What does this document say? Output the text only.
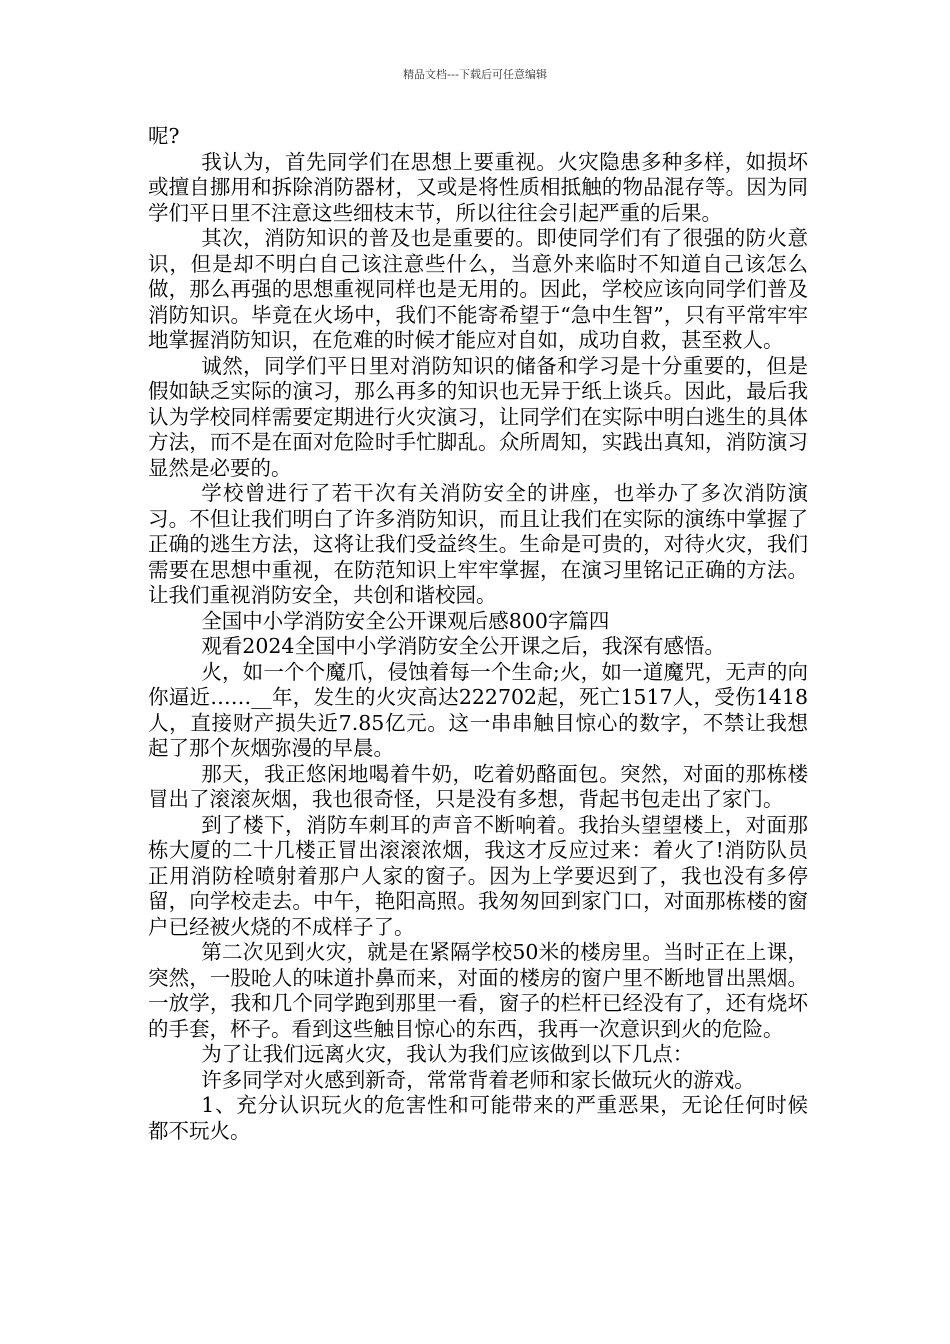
精品文档---下载后可任意编辑

呢?

我认为，首先同学们在思想上要重视。火灾隐患多种多样，如损坏或擅自挪用和拆除消防器材，又或是将性质相抵触的物品混存等。因为同学们平日里不注意这些细枝末节，所以往往会引起严重的后果。

其次，消防知识的普及也是重要的。即使同学们有了很强的防火意识，但是却不明白自己该注意些什么，当意外来临时不知道自己该怎么做，那么再强的思想重视同样也是无用的。因此，学校应该向同学们普及消防知识。毕竟在火场中，我们不能寄希望于“急中生智”，只有平常牢牢地掌握消防知识，在危难的时候才能应对自如，成功自救，甚至救人。

诚然，同学们平日里对消防知识的储备和学习是十分重要的，但是假如缺乏实际的演习，那么再多的知识也无异于纸上谈兵。因此，最后我认为学校同样需要定期进行火灾演习，让同学们在实际中明白逃生的具体方法，而不是在面对危险时手忙脚乱。众所周知，实践出真知，消防演习显然是必要的。

学校曾进行了若干次有关消防安全的讲座，也举办了多次消防演习。不但让我们明白了许多消防知识，而且让我们在实际的演练中掌握了正确的逃生方法，这将让我们受益终生。生命是可贵的，对待火灾，我们需要在思想中重视，在防范知识上牢牢掌握，在演习里铭记正确的方法。让我们重视消防安全，共创和谐校园。

全国中小学消防安全公开课观后感800字篇四

观看2024全国中小学消防安全公开课之后，我深有感悟。

火，如一个个魔爪，侵蚀着每一个生命;火，如一道魔咒，无声的向你逼近……__年，发生的火灾高达222702起，死亡1517人，受伤1418人，直接财产损失近7.85亿元。这一串串触目惊心的数字，不禁让我想起了那个灰烟弥漫的早晨。

那天，我正悠闲地喝着牛奶，吃着奶酪面包。突然，对面的那栋楼冒出了滚滚灰烟，我也很奇怪，只是没有多想，背起书包走出了家门。

到了楼下，消防车刺耳的声音不断响着。我抬头望望楼上，对面那栋大厦的二十几楼正冒出滚滚浓烟，我这才反应过来：着火了!消防队员正用消防栓喷射着那户人家的窗子。因为上学要迟到了，我也没有多停留，向学校走去。中午，艳阳高照。我匆匆回到家门口，对面那栋楼的窗户已经被火烧的不成样子了。

第二次见到火灾，就是在紧隔学校50米的楼房里。当时正在上课，突然，一股呛人的味道扑鼻而来，对面的楼房的窗户里不断地冒出黑烟。一放学，我和几个同学跑到那里一看，窗子的栏杆已经没有了，还有烧坏的手套，杯子。看到这些触目惊心的东西，我再一次意识到火的危险。

为了让我们远离火灾，我认为我们应该做到以下几点：

许多同学对火感到新奇，常常背着老师和家长做玩火的游戏。

1、充分认识玩火的危害性和可能带来的严重恶果，无论任何时候都不玩火。
